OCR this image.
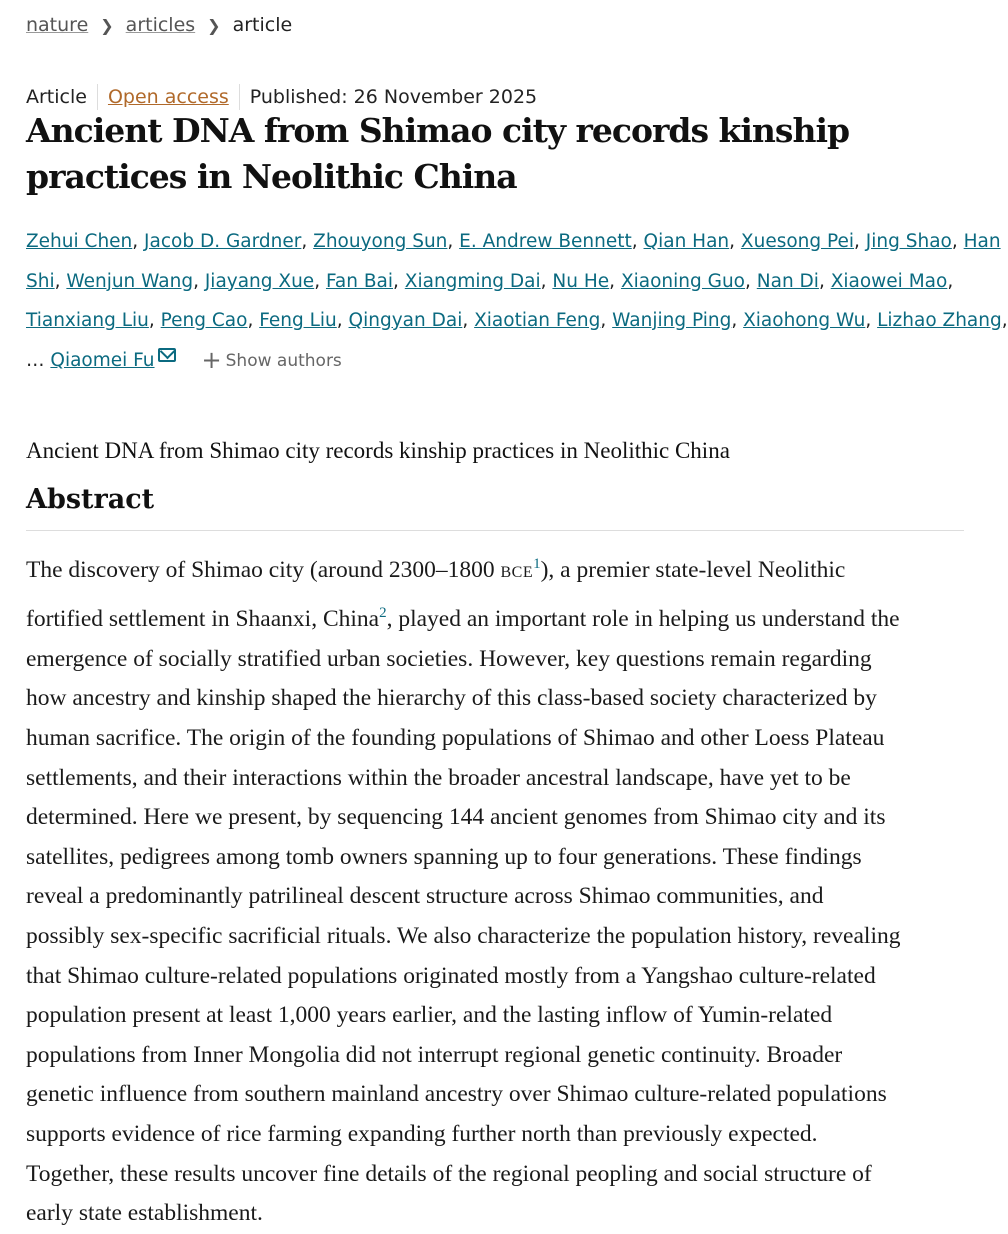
nature ❯ articles ❯ article
Article Open access Published: 26 November 2025
Ancient DNA from Shimao city records kinship practices in Neolithic China
Zehui Chen, Jacob D. Gardner, Zhouyong Sun, E. Andrew Bennett, Qian Han, Xuesong Pei, Jing Shao, Han
Shi, Wenjun Wang, Jiayang Xue, Fan Bai, Xiangming Dai, Nu He, Xiaoning Guo, Nan Di, Xiaowei Mao,
Tianxiang Liu, Peng Cao, Feng Liu, Qingyan Dai, Xiaotian Feng, Wanjing Ping, Xiaohong Wu, Lizhao Zhang,
… Qiaomei Fu + Show authors
Ancient DNA from Shimao city records kinship practices in Neolithic China
Abstract
The discovery of Shimao city (around 2300–1800 BCE$^1$), a premier state-level Neolithic
fortified settlement in Shaanxi, China$^2$, played an important role in helping us understand the
emergence of socially stratified urban societies. However, key questions remain regarding
how ancestry and kinship shaped the hierarchy of this class-based society characterized by
human sacrifice. The origin of the founding populations of Shimao and other Loess Plateau
settlements, and their interactions within the broader ancestral landscape, have yet to be
determined. Here we present, by sequencing 144 ancient genomes from Shimao city and its
satellites, pedigrees among tomb owners spanning up to four generations. These findings
reveal a predominantly patrilineal descent structure across Shimao communities, and
possibly sex-specific sacrificial rituals. We also characterize the population history, revealing
that Shimao culture-related populations originated mostly from a Yangshao culture-related
population present at least 1,000 years earlier, and the lasting inflow of Yumin-related
populations from Inner Mongolia did not interrupt regional genetic continuity. Broader
genetic influence from southern mainland ancestry over Shimao culture-related populations
supports evidence of rice farming expanding further north than previously expected.
Together, these results uncover fine details of the regional peopling and social structure of
early state establishment.
